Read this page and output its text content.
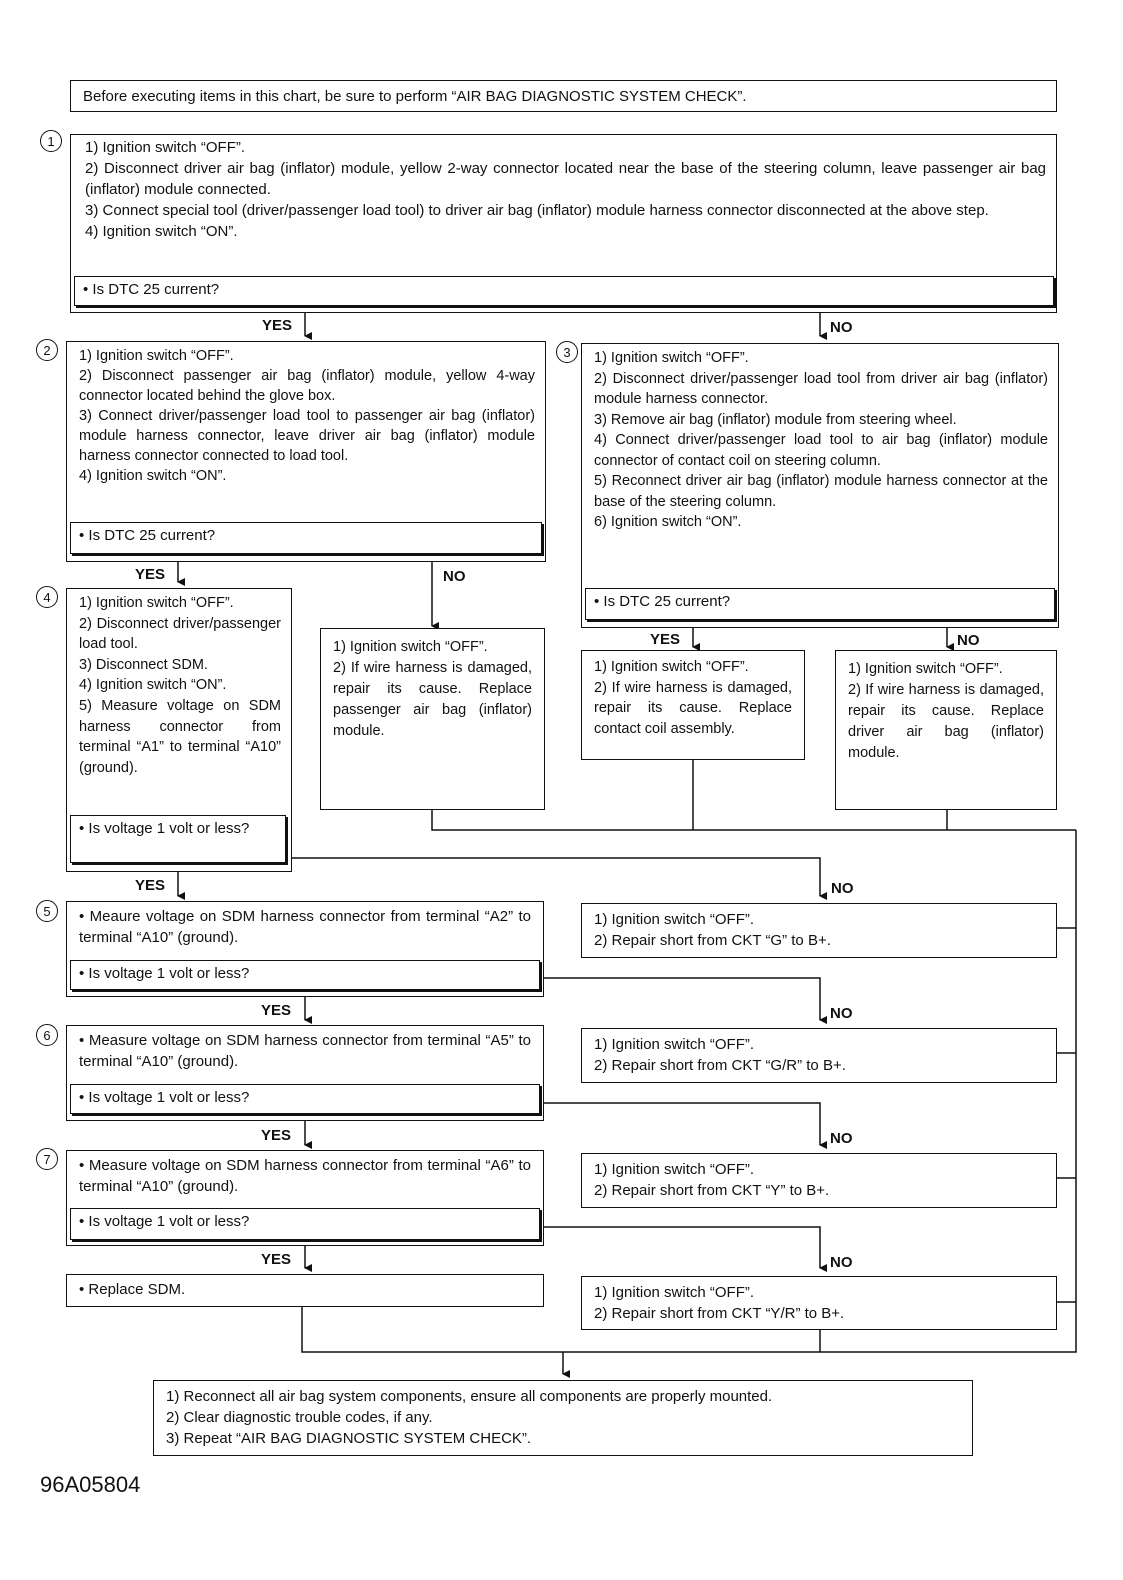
Before executing items in this chart, be sure to perform “AIR BAG DIAGNOSTIC SYSTEM CHECK”.
1	1) Ignition switch “OFF”.
2) Disconnect driver air bag (inflator) module, yellow 2-way connector located near the base of the steering column, leave passenger air bag (inflator) module connected.
3) Connect special tool (driver/passenger load tool) to driver air bag (inflator) module harness connector disconnected at the above step.
4) Ignition switch “ON”.
• Is DTC 25 current?
YES	NO
2	1) Ignition switch “OFF”.
2) Disconnect passenger air bag (inflator) module, yellow 4-way connector located behind the glove box.
3) Connect driver/passenger load tool to passenger air bag (inflator) module harness connector, leave driver air bag (inflator) module harness connector connected to load tool.
4) Ignition switch “ON”.
• Is DTC 25 current?
YES	NO
3	1) Ignition switch “OFF”.
2) Disconnect driver/passenger load tool from driver air bag (inflator) module harness connector.
3) Remove air bag (inflator) module from steering wheel.
4) Connect driver/passenger load tool to air bag (inflator) module connector of contact coil on steering column.
5) Reconnect driver air bag (inflator) module harness connector at the base of the steering column.
6) Ignition switch “ON”.
• Is DTC 25 current?
YES	NO
4	1) Ignition switch “OFF”.
2) Disconnect driver/passenger load tool.
3) Disconnect SDM.
4) Ignition switch “ON”.
5) Measure voltage on SDM harness connector from terminal “A1” to terminal “A10” (ground).
• Is voltage 1 volt or less?
1) Ignition switch “OFF”.
2) If wire harness is damaged, repair its cause. Replace passenger air bag (inflator) module.
1) Ignition switch “OFF”.
2) If wire harness is damaged, repair its cause. Replace contact coil assembly.
1) Ignition switch “OFF”.
2) If wire harness is damaged, repair its cause. Replace driver air bag (inflator) module.
YES	NO
5	• Meaure voltage on SDM harness connector from terminal “A2” to terminal “A10” (ground).
• Is voltage 1 volt or less?
1) Ignition switch “OFF”.
2) Repair short from CKT “G” to B+.
YES	NO
6	• Measure voltage on SDM harness connector from terminal “A5” to terminal “A10” (ground).
• Is voltage 1 volt or less?
1) Ignition switch “OFF”.
2) Repair short from CKT “G/R” to B+.
YES	NO
7	• Measure voltage on SDM harness connector from terminal “A6” to terminal “A10” (ground).
• Is voltage 1 volt or less?
1) Ignition switch “OFF”.
2) Repair short from CKT “Y” to B+.
YES	NO
• Replace SDM.	1) Ignition switch “OFF”.
2) Repair short from CKT “Y/R” to B+.
1) Reconnect all air bag system components, ensure all components are properly mounted.
2) Clear diagnostic trouble codes, if any.
3) Repeat “AIR BAG DIAGNOSTIC SYSTEM CHECK”.
96A05804
